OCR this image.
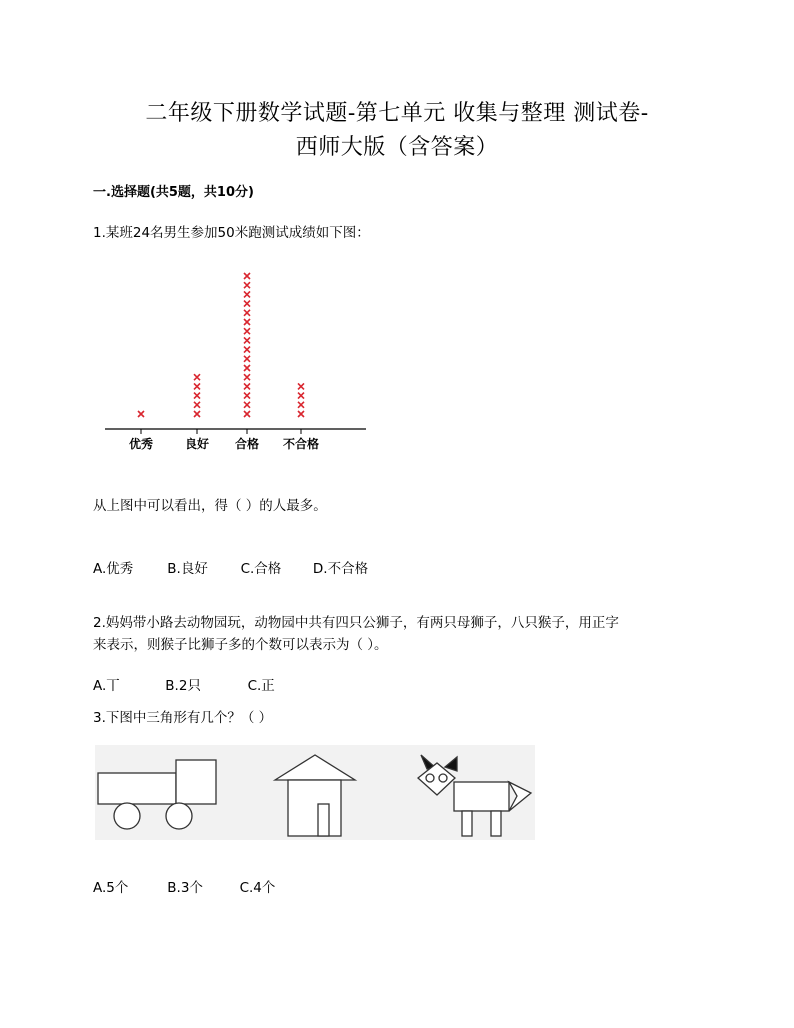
二年级下册数学试题-第七单元 收集与整理 测试卷-
西师大版（含答案）
一.选择题(共5题，共10分)
1.某班24名男生参加50米跑测试成绩如下图：
优秀	良好 合格 不合格
从上图中可以看出，得（ ）的人最多。
A.优秀	B.良好 C.合格 D.不合格
2.妈妈带小路去动物园玩，动物园中共有四只公狮子，有两只母狮子，八只猴子，用正字
来表示，则猴子比狮子多的个数可以表示为（ ）。
A.丅	B.2只	C.正
3.下图中三角形有几个？（ ）
A.5个	B.3个	C.4个
